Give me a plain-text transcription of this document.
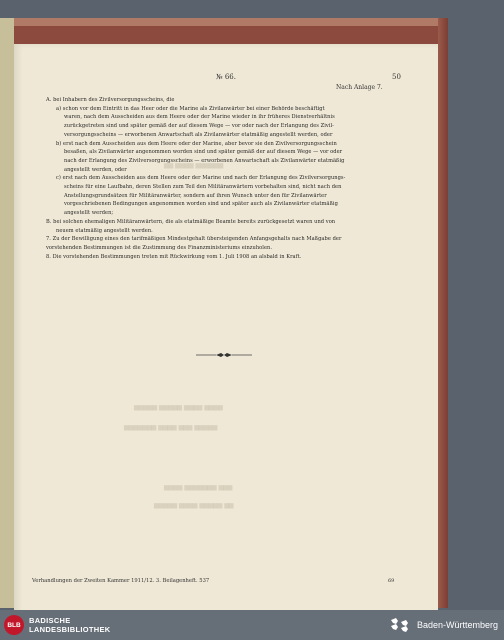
▆▆ ▆▆▆▆ ▆▆▆▆▆▆
▆▆▆▆▆ ▆▆▆▆▆ ▆▆▆▆ ▆▆▆▆
▆▆▆▆▆▆▆ ▆▆▆▆ ▆▆▆ ▆▆▆▆▆
▆▆▆▆ ▆▆▆▆▆▆▆ ▆▆▆
▆▆▆▆▆ ▆▆▆▆ ▆▆▆▆▆ ▆▆
№ 66.	50
Nach Anlage 7.
A. bei Inhabern des Zivilversorgungsscheins, die
a) schon vor dem Eintritt in das Heer oder die Marine als Zivilanwärter bei einer Behörde beschäftigt
waren, nach dem Ausscheiden aus dem Heere oder der Marine wieder in ihr früheres Dienstverhältnis
zurückgetreten sind und später gemäß der auf diesem Wege — vor oder nach der Erlangung des Zivil-
versorgungsscheins — erworbenen Anwartschaft als Zivilanwärter etatmäßig angestellt werden, oder
b) erst nach dem Ausscheiden aus dem Heere oder der Marine, aber bevor sie den Zivilversorgungsschein
besaßen, als Zivilanwärter angenommen worden sind und später gemäß der auf diesem Wege — vor oder
nach der Erlangung des Zivilversorgungsscheins — erworbenen Anwartschaft als Zivilanwärter etatmäßig
angestellt werden, oder
c) erst nach dem Ausscheiden aus dem Heere oder der Marine und nach der Erlangung des Zivilversorgungs-
scheins für eine Laufbahn, deren Stellen zum Teil den Militäranwärtern vorbehalten sind, nicht nach den
Anstellungsgrundsätzen für Militäranwärter, sondern auf ihren Wunsch unter den für Zivilanwärter
vorgeschriebenen Bedingungen angenommen worden sind und später auch als Zivilanwärter etatmäßig
angestellt werden;
B. bei solchen ehemaligen Militäranwärtern, die als etatmäßige Beamte bereits zurückgesetzt waren und von
neuem etatmäßig angestellt werden.
7. Zu der Bewilligung eines den tarifmäßigen Mindestgehalt übersteigenden Anfangsgehalts nach Maßgabe der
vorstehenden Bestimmungen ist die Zustimmung des Finanzministeriums einzuholen.
8. Die vorstehenden Bestimmungen treten mit Rückwirkung vom 1. Juli 1908 an alsbald in Kraft.
Verhandlungen der Zweiten Kammer 1911/12. 3. Beilagenheft. 537	69
BLB	BADISCHE
LANDESBIBLIOTHEK	Baden-Württemberg
